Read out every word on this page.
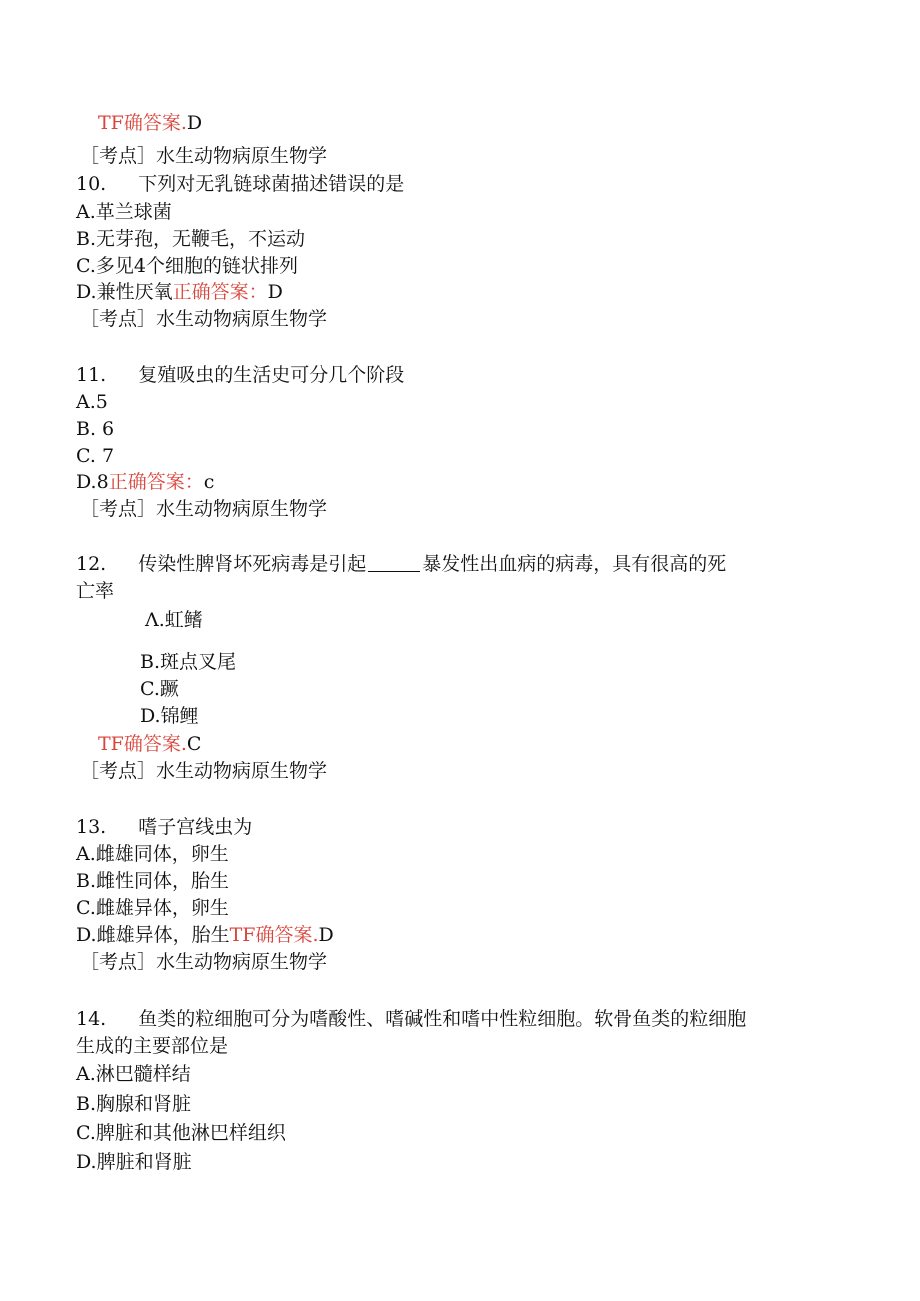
TF确答案.D

［考点］水生动物病原生物学

10. 下列对无乳链球菌描述错误的是

A.革兰球菌

B.无芽孢，无鞭毛，不运动

C.多见4个细胞的链状排列

D.兼性厌氧正确答案：D

［考点］水生动物病原生物学

11. 复殖吸虫的生活史可分几个阶段

A.5

B. 6

C. 7

D.8正确答案：c

［考点］水生动物病原生物学

12. 传染性脾肾坏死病毒是引起	暴发性出血病的病毒，具有很高的死

亡率

Λ.虹鳍

B.斑点叉尾

C.蹶

D.锦鲤

TF确答案.C

［考点］水生动物病原生物学

13. 嗜子宫线虫为

A.雌雄同体，卵生

B.雌性同体，胎生

C.雌雄异体，卵生

D.雌雄异体，胎生TF确答案.D

［考点］水生动物病原生物学

14. 鱼类的粒细胞可分为嗜酸性、嗜碱性和嗜中性粒细胞。软骨鱼类的粒细胞

生成的主要部位是

A.淋巴髓样结

B.胸腺和肾脏

C.脾脏和其他淋巴样组织

D.脾脏和肾脏
